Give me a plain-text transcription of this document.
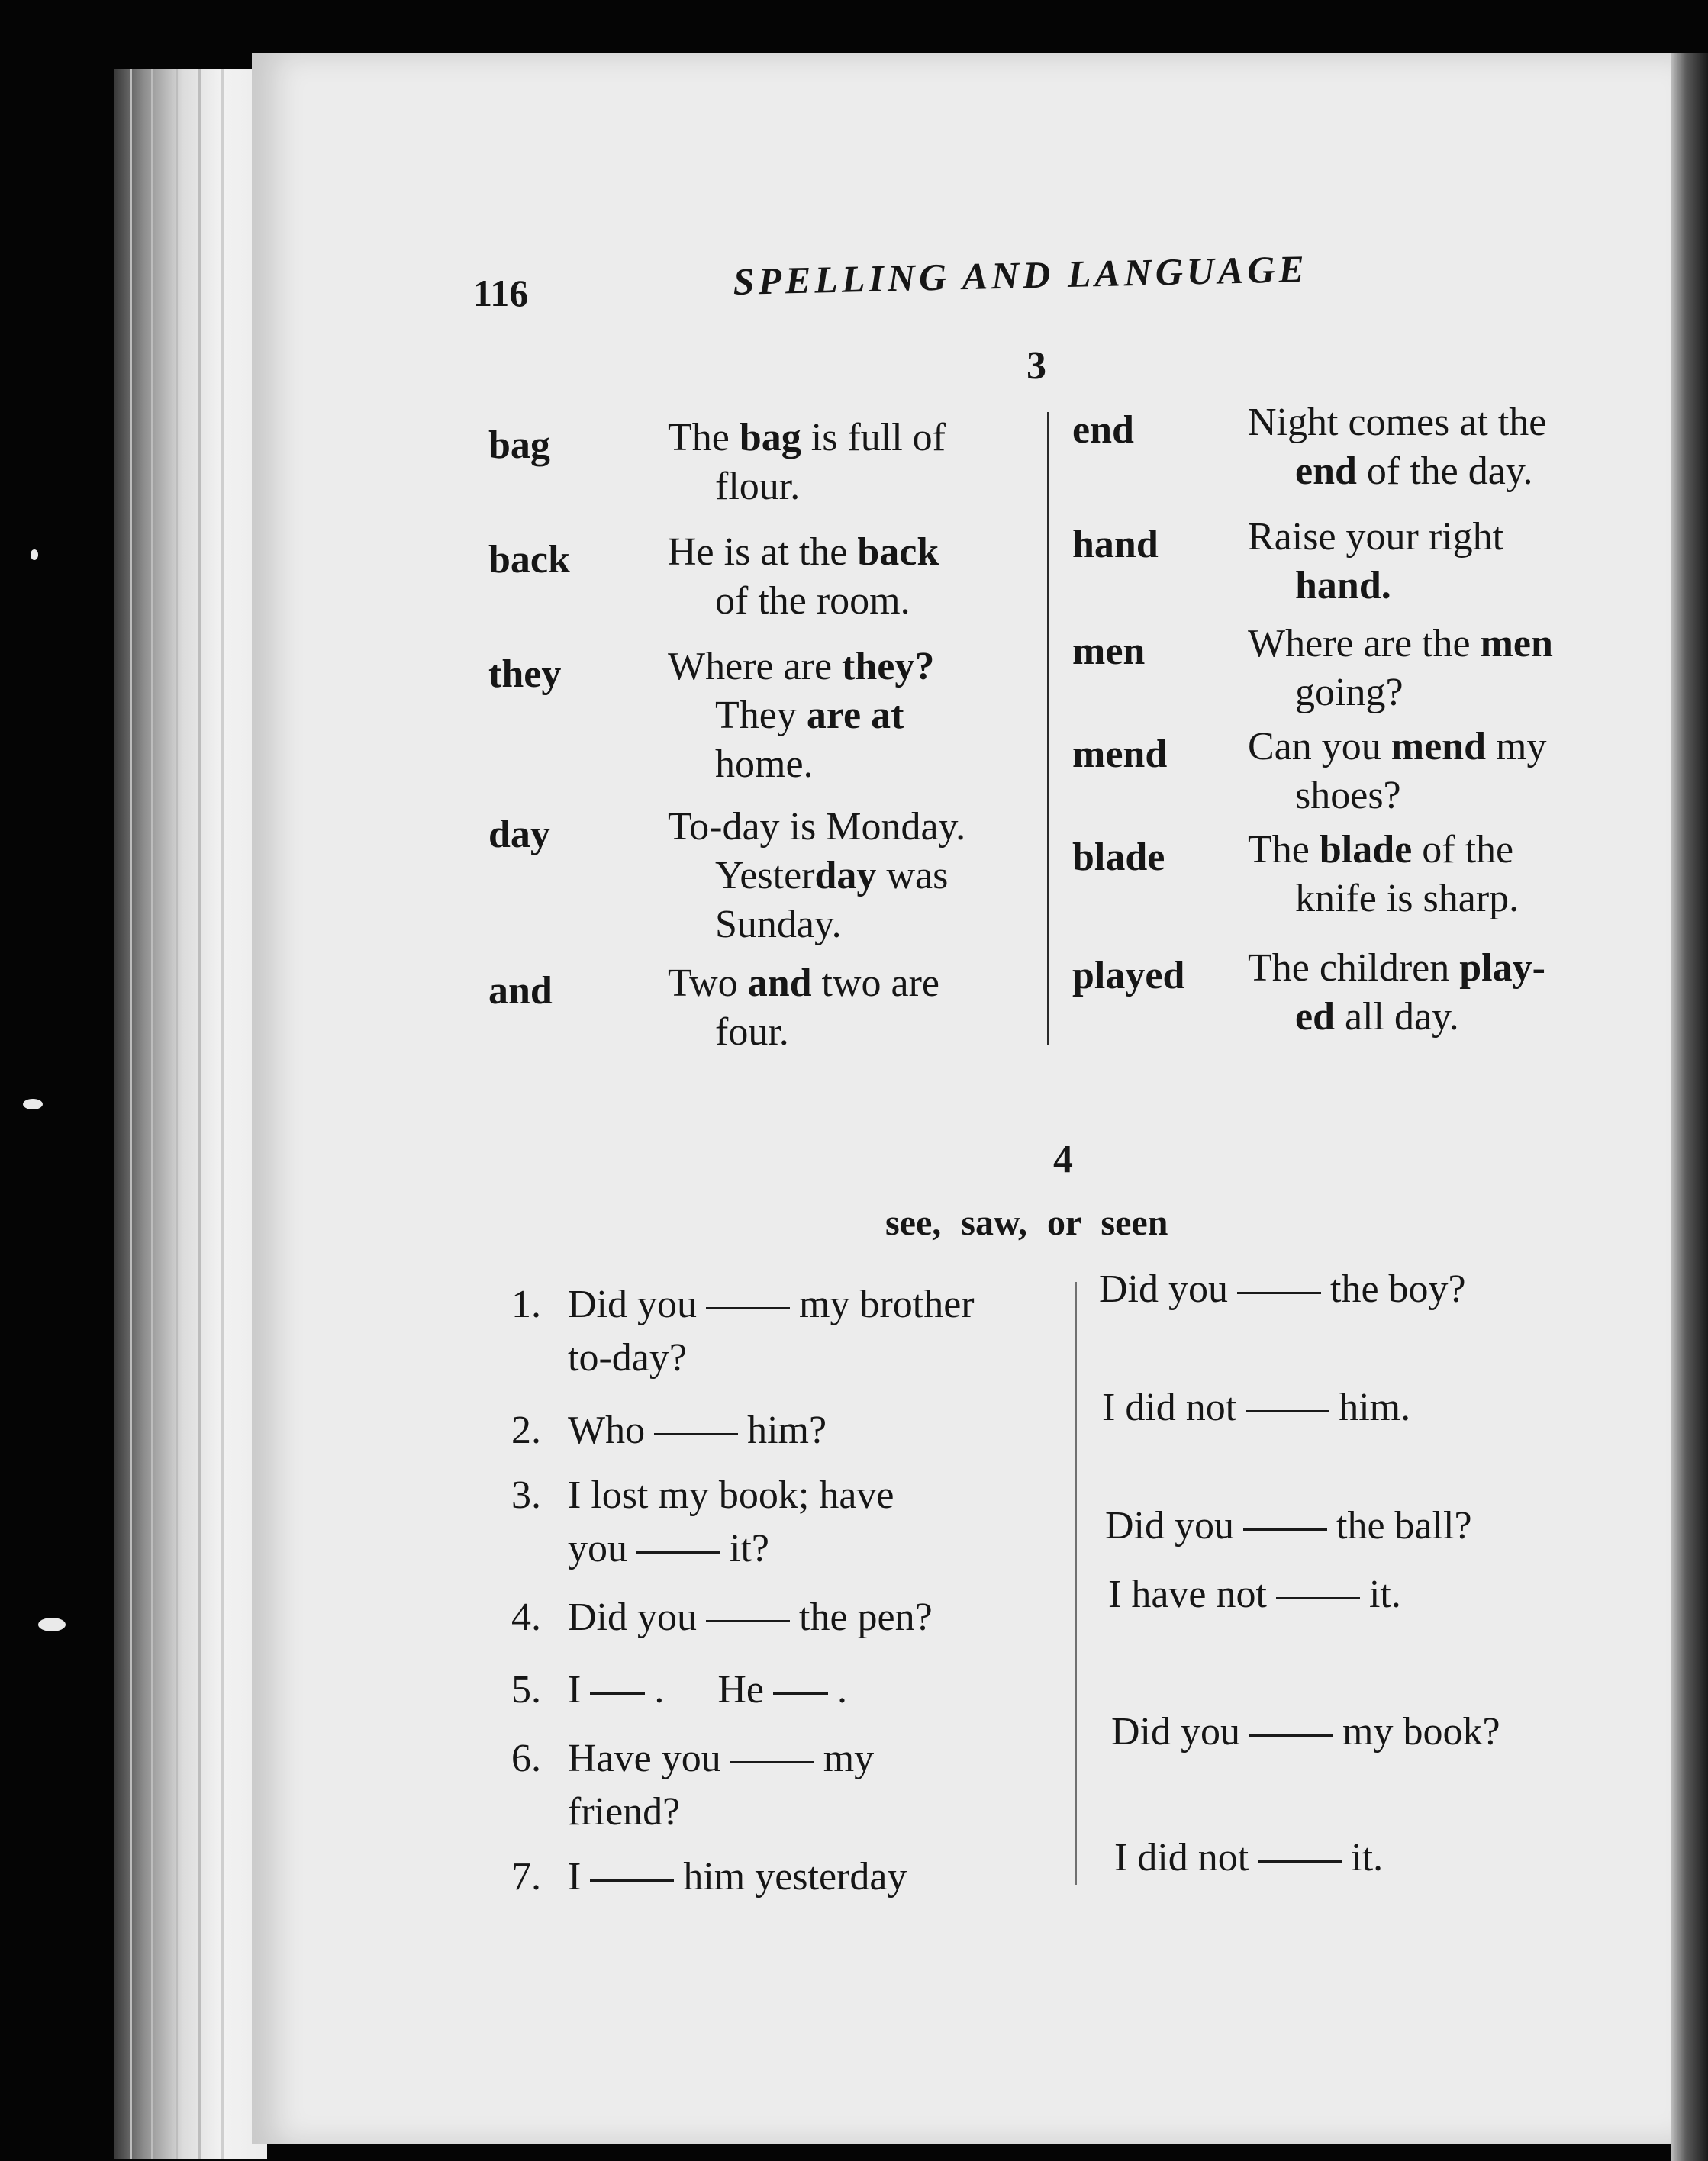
116	SPELLING AND LANGUAGE
3
bag	The bag is full of
flour.
back He is at the back
of the room.
they	Where are they?
They are at
home.
day	To-day is Monday.
Yesterday was
Sunday.
and	Two and two are
four.
end	Night comes at the
end of the day.
hand Raise your right
hand.
men	Where are the men
going?
mend Can you mend my
shoes?
blade The blade of the
knife is sharp.
played The children play-
ed all day.
4
see, saw, or seen
1. Did you	my brother
to-day?
2. Who	him?
3. I lost my book; have
you	it?
4. Did you	the pen?
5. I . He .
6. Have you	my
friend?
7. I	him yesterday
Did you	the boy?
I did not	him.
Did you	the ball?
I have not	it.
Did you	my book?
I did not	it.
